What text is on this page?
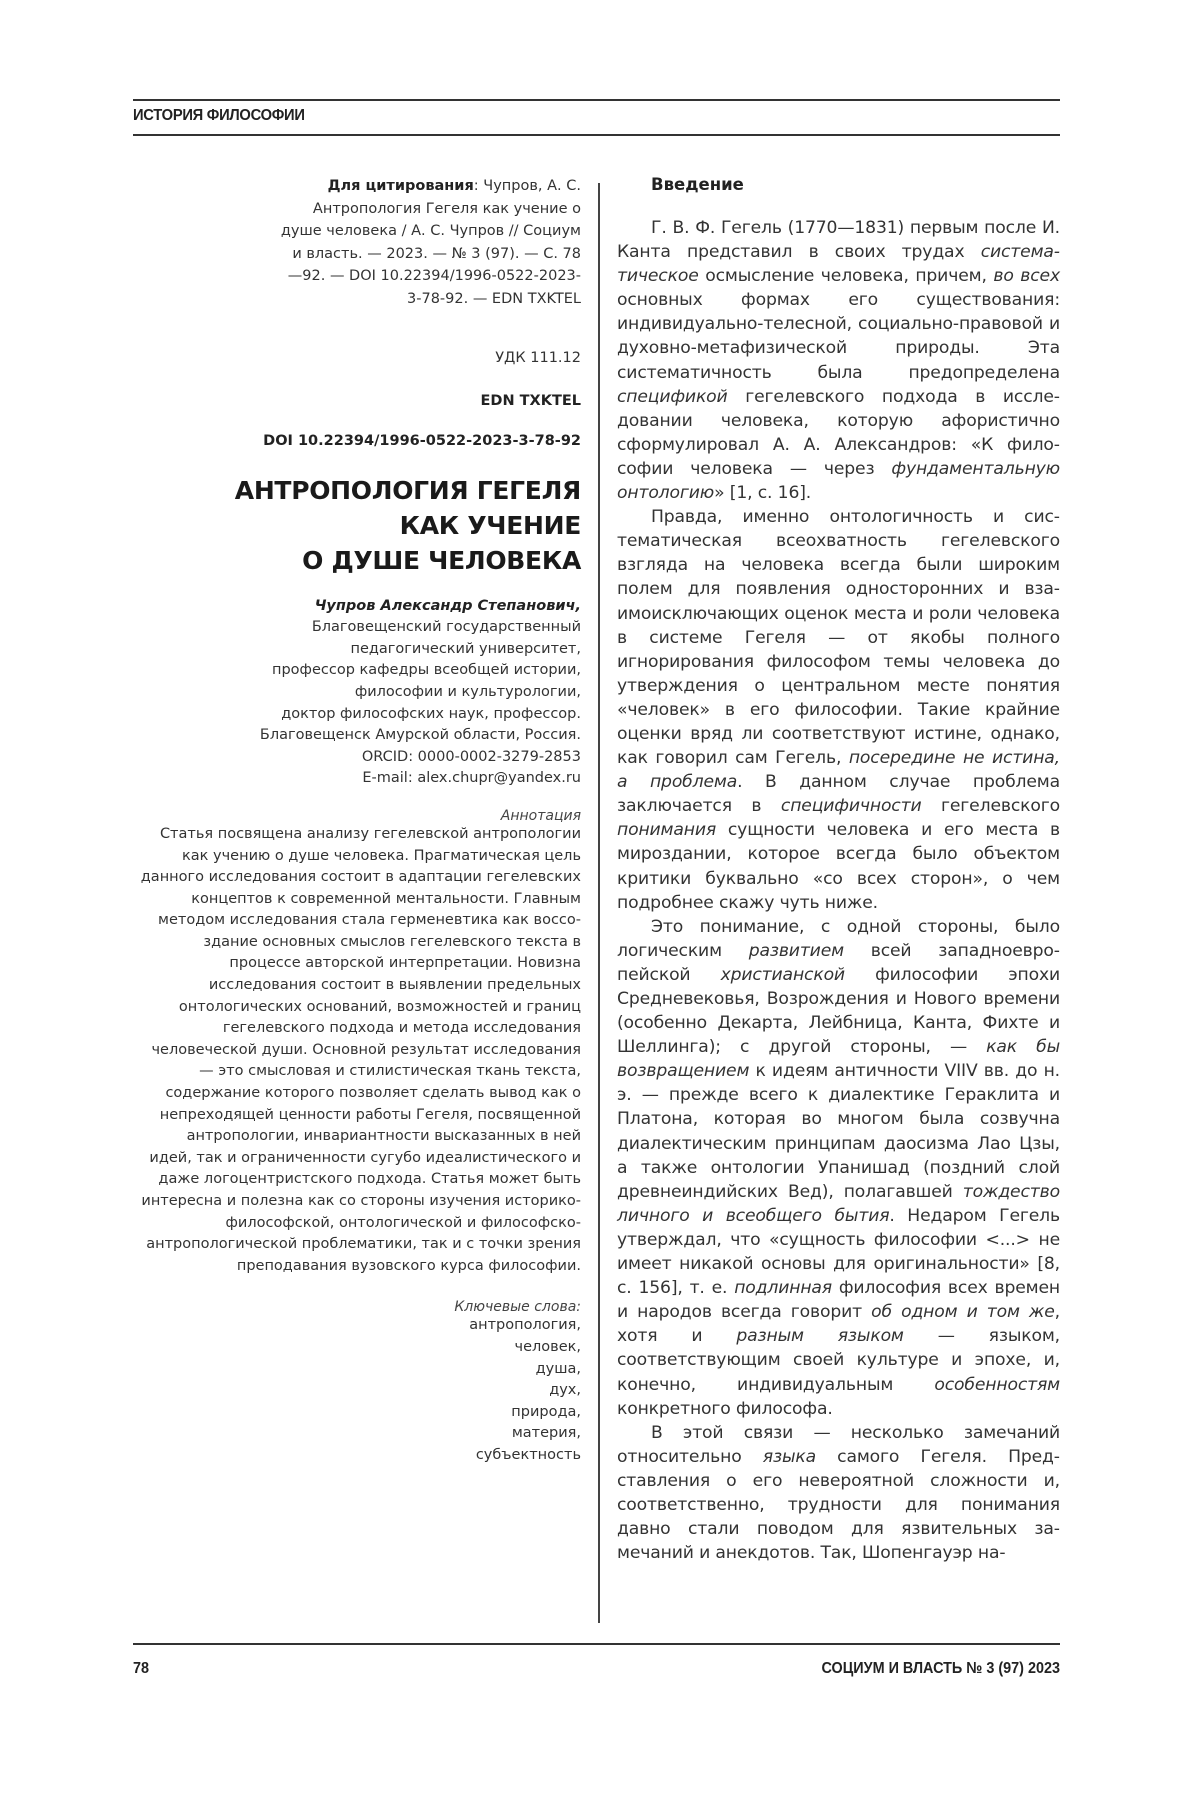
ИСТОРИЯ ФИЛОСОФИИ
Для цитирования: Чупров, А. С. Антропология Гегеля как учение о душе человека / А. С. Чупров // Социум и власть. — 2023. — № 3 (97). — С. 78—92. — DOI 10.22394/1996-0522-2023-3-78-92. — EDN TXKTEL
УДК 111.12
EDN TXKTEL
DOI 10.22394/1996-0522-2023-3-78-92
АНТРОПОЛОГИЯ ГЕГЕЛЯ
КАК УЧЕНИЕ
О ДУШЕ ЧЕЛОВЕКА
Чупров Александр Степанович,
Благовещенский государственный
педагогический университет,
профессор кафедры всеобщей истории,
философии и культурологии,
доктор философских наук, профессор.
Благовещенск Амурской области, Россия.
ORCID: 0000-0002-3279-2853
E-mail: alex.chupr@yandex.ru
Аннотация
Статья посвящена анализу гегелевской антропологии как учению о душе человека. Прагматическая цель данного исследования состоит в адаптации гегелевских концептов к современной ментальности. Главным методом исследования стала герменевтика как воссоздание основных смыслов гегелевского текста в процессе авторской интерпретации. Новизна исследования состоит в выявлении предельных онтологических оснований, возможностей и границ гегелевского подхода и метода исследования человеческой души. Основной результат исследования — это смысловая и стилистическая ткань текста, содержание которого позволяет сделать вывод как о непреходящей ценности работы Гегеля, посвященной антропологии, инвариантности высказанных в ней идей, так и ограниченности сугубо идеалистического и даже логоцентристского подхода. Статья может быть интересна и полезна как со стороны изучения историко-философской, онтологической и философско-антропологической проблематики, так и с точки зрения преподавания вузовского курса философии.
Ключевые слова:
антропология,
человек,
душа,
дух,
природа,
материя,
субъектность
Введение

Г. В. Ф. Гегель (1770—1831) первым после И. Канта представил в своих трудах систематическое осмысление человека, причем, во всех основных формах его существования: индивидуально-телесной, социально-правовой и духовно-метафизической природы. Эта систематичность была предопределена спецификой гегелевского подхода в исследовании человека, которую афористично сформулировал А. А. Александров: «К философии человека — через фундаментальную онтологию» [1, с. 16].

Правда, именно онтологичность и систематическая всеохватность гегелевского взгляда на человека всегда были широким полем для появления односторонних и взаимоисключающих оценок места и роли человека в системе Гегеля — от якобы полного игнорирования философом темы человека до утверждения о центральном месте понятия «человек» в его философии. Такие крайние оценки вряд ли соответствуют истине, однако, как говорил сам Гегель, посередине не истина, а проблема. В данном случае проблема заключается в специфичности гегелевского понимания сущности человека и его места в мироздании, которое всегда было объектом критики буквально «со всех сторон», о чем подробнее скажу чуть ниже.

Это понимание, с одной стороны, было логическим развитием всей западноевропейской христианской философии эпохи Средневековья, Возрождения и Нового времени (особенно Декарта, Лейбница, Канта, Фихте и Шеллинга); с другой стороны, — как бы возвращением к идеям античности VIIV вв. до н. э. — прежде всего к диалектике Гераклита и Платона, которая во многом была созвучна диалектическим принципам даосизма Лао Цзы, а также онтологии Упанишад (поздний слой древнеиндийских Вед), полагавшей тождество личного и всеобщего бытия. Недаром Гегель утверждал, что «сущность философии <...> не имеет никакой основы для оригинальности» [8, с. 156], т. е. подлинная философия всех времен и народов всегда говорит об одном и том же, хотя и разным языком — языком, соответствующим своей культуре и эпохе, и, конечно, индивидуальным особенностям конкретного философа.

В этой связи — несколько замечаний относительно языка самого Гегеля. Представления о его невероятной сложности и, соответственно, трудности для понимания давно стали поводом для язвительных замечаний и анекдотов. Так, Шопенгауэр на-

78	СОЦИУМ И ВЛАСТЬ № 3 (97) 2023
